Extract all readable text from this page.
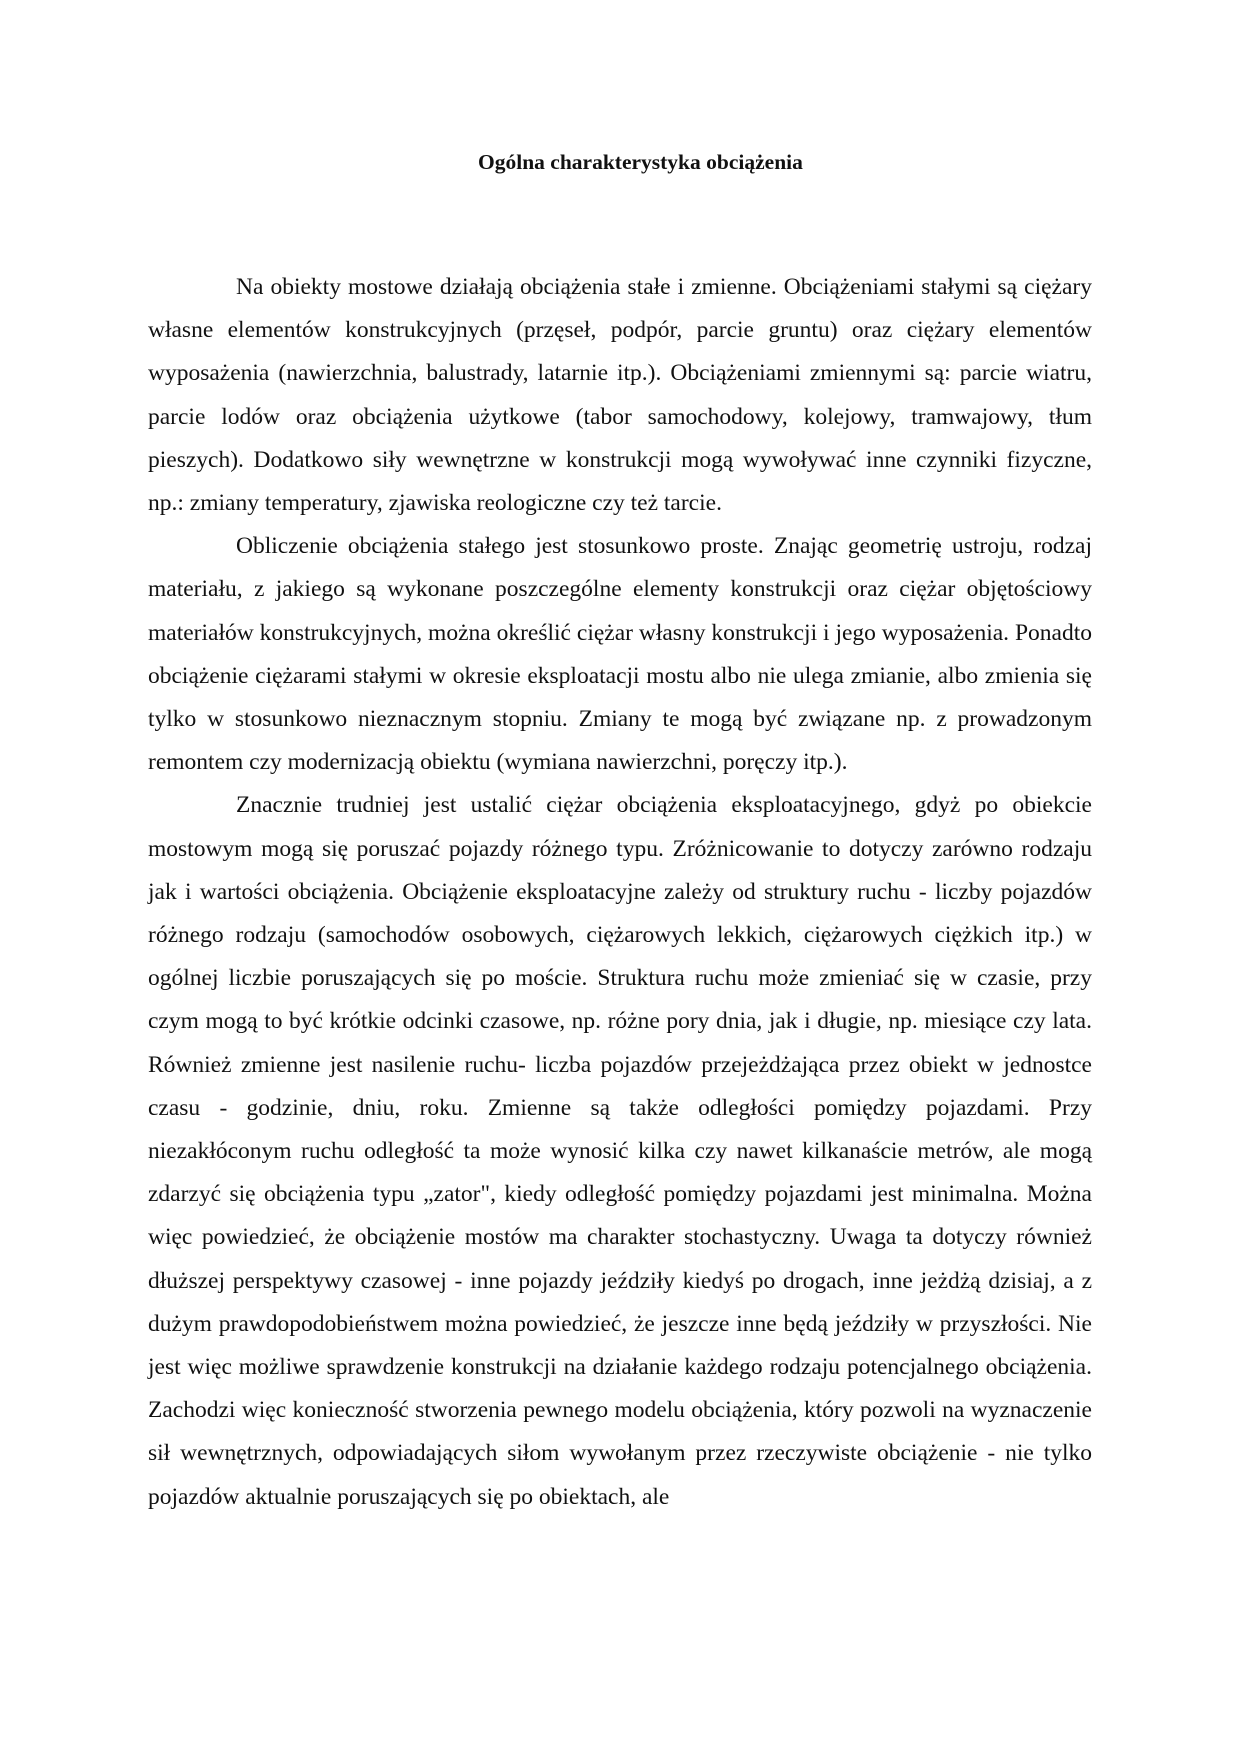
Ogólna charakterystyka obciążenia

Na obiekty mostowe działają obciążenia stałe i zmienne. Obciążeniami stałymi są ciężary własne elementów konstrukcyjnych (przęseł, podpór, parcie gruntu) oraz ciężary elementów wyposażenia (nawierzchnia, balustrady, latarnie itp.). Obciążeniami zmiennymi są: parcie wiatru, parcie lodów oraz obciążenia użytkowe (tabor samochodowy, kolejowy, tramwajowy, tłum pieszych). Dodatkowo siły wewnętrzne w konstrukcji mogą wywoływać inne czynniki fizyczne, np.: zmiany temperatury, zjawiska reologiczne czy też tarcie.

Obliczenie obciążenia stałego jest stosunkowo proste. Znając geometrię ustroju, rodzaj materiału, z jakiego są wykonane poszczególne elementy konstrukcji oraz ciężar objętościowy materiałów konstrukcyjnych, można określić ciężar własny konstrukcji i jego wyposażenia. Ponadto obciążenie ciężarami stałymi w okresie eksploatacji mostu albo nie ulega zmianie, albo zmienia się tylko w stosunkowo nieznacznym stopniu. Zmiany te mogą być związane np. z prowadzonym remontem czy modernizacją obiektu (wymiana nawierzchni, poręczy itp.).

Znacznie trudniej jest ustalić ciężar obciążenia eksploatacyjnego, gdyż po obiekcie mostowym mogą się poruszać pojazdy różnego typu. Zróżnicowanie to dotyczy zarówno rodzaju jak i wartości obciążenia. Obciążenie eksploatacyjne zależy od struktury ruchu - liczby pojazdów różnego rodzaju (samochodów osobowych, ciężarowych lekkich, ciężarowych ciężkich itp.) w ogólnej liczbie poruszających się po moście. Struktura ruchu może zmieniać się w czasie, przy czym mogą to być krótkie odcinki czasowe, np. różne pory dnia, jak i długie, np. miesiące czy lata. Również zmienne jest nasilenie ruchu- liczba pojazdów przejeżdżająca przez obiekt w jednostce czasu - godzinie, dniu, roku. Zmienne są także odległości pomiędzy pojazdami. Przy niezakłóconym ruchu odległość ta może wynosić kilka czy nawet kilkanaście metrów, ale mogą zdarzyć się obciążenia typu „zator", kiedy odległość pomiędzy pojazdami jest minimalna. Można więc powiedzieć, że obciążenie mostów ma charakter stochastyczny. Uwaga ta dotyczy również dłuższej perspektywy czasowej - inne pojazdy jeździły kiedyś po drogach, inne jeżdżą dzisiaj, a z dużym prawdopodobieństwem można powiedzieć, że jeszcze inne będą jeździły w przyszłości. Nie jest więc możliwe sprawdzenie konstrukcji na działanie każdego rodzaju potencjalnego obciążenia. Zachodzi więc konieczność stworzenia pewnego modelu obciążenia, który pozwoli na wyznaczenie sił wewnętrznych, odpowiadających siłom wywołanym przez rzeczywiste obciążenie - nie tylko pojazdów aktualnie poruszających się po obiektach, ale
